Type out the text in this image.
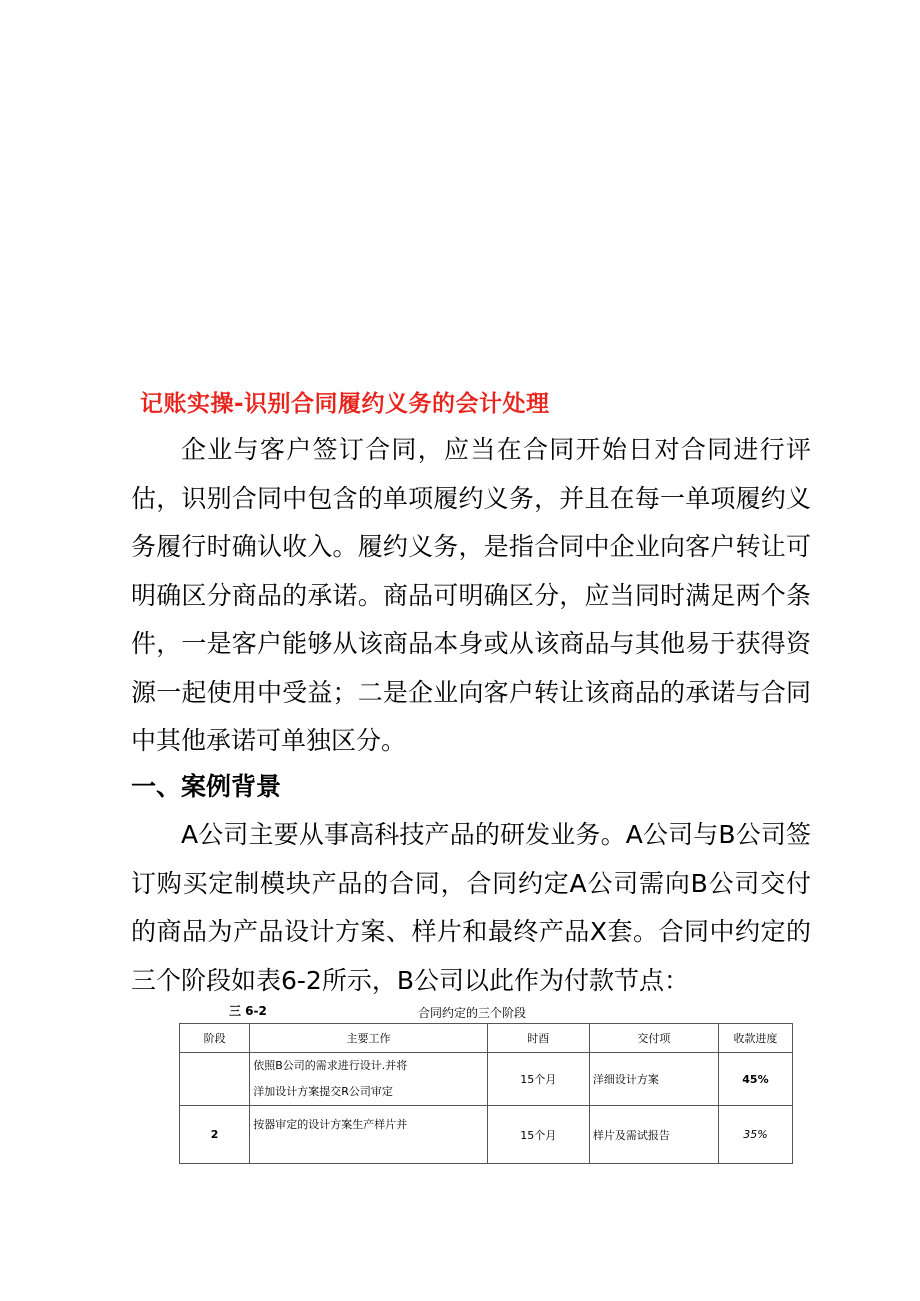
记账实操-识别合同履约义务的会计处理

企业与客户签订合同，应当在合同开始日对合同进行评估，识别合同中包含的单项履约义务，并且在每一单项履约义务履行时确认收入。履约义务，是指合同中企业向客户转让可明确区分商品的承诺。商品可明确区分，应当同时满足两个条件，一是客户能够从该商品本身或从该商品与其他易于获得资源一起使用中受益；二是企业向客户转让该商品的承诺与合同中其他承诺可单独区分。

一、案例背景

A公司主要从事高科技产品的研发业务。A公司与B公司签订购买定制模块产品的合同，合同约定A公司需向B公司交付的商品为产品设计方案、样片和最终产品X套。合同中约定的三个阶段如表6-2所示，B公司以此作为付款节点：

三 6-2	合同约定的三个阶段
阶段	主要工作	时酉	交付项	收款进度

	依照B公司的需求进行设计.并将
洋加设计方案提交R公司审定	15个月	洋细设计方案	45%
2	按器审定的设计方案生产样片并	15个月	样片及需试报告	35%
